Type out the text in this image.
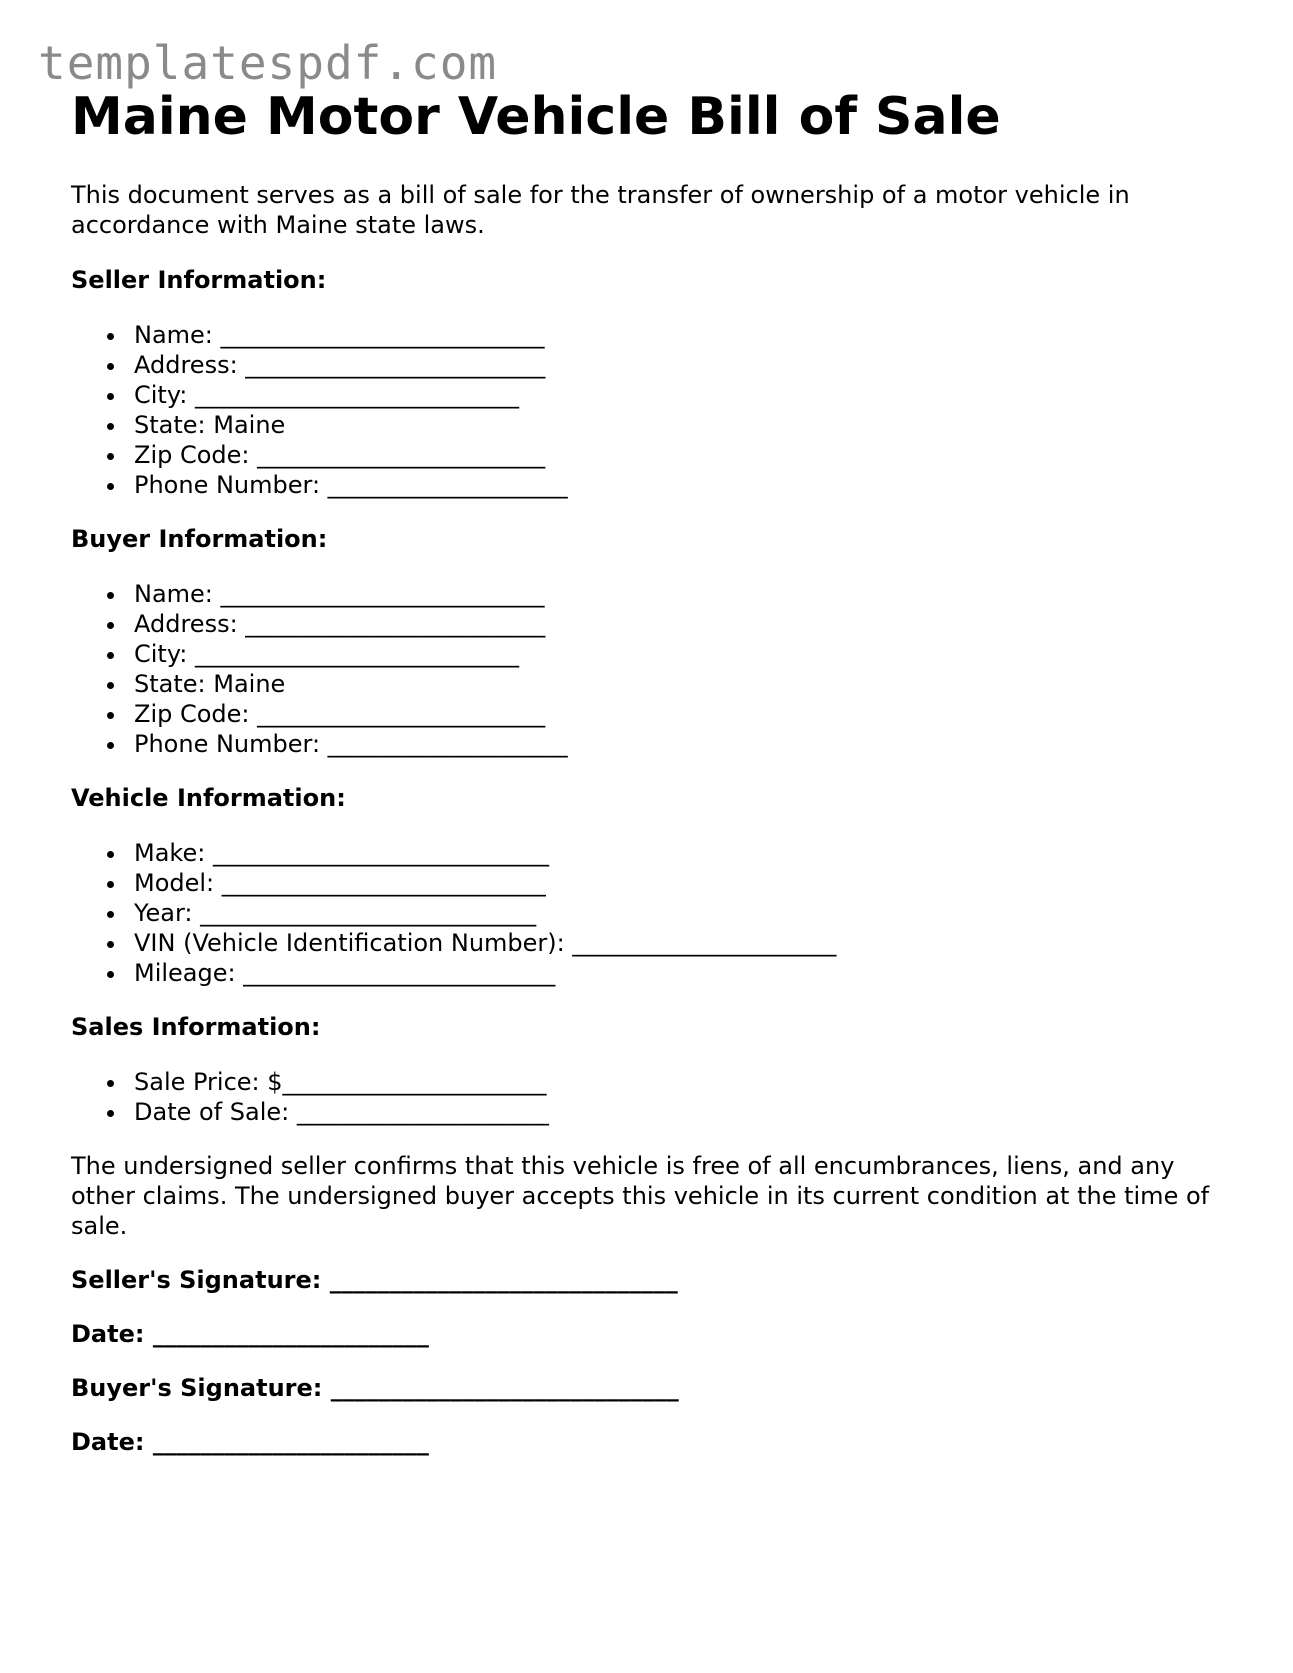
templatespdf.com
Maine Motor Vehicle Bill of Sale

This document serves as a bill of sale for the transfer of ownership of a motor vehicle in accordance with Maine state laws.

Seller Information:
Name: ___________________________
Address: _________________________
City: ___________________________
State: Maine
Zip Code: ________________________
Phone Number: ____________________
Buyer Information:
Name: ___________________________
Address: _________________________
City: ___________________________
State: Maine
Zip Code: ________________________
Phone Number: ____________________
Vehicle Information:
Make: ____________________________
Model: ___________________________
Year: ____________________________
VIN (Vehicle Identification Number): ______________________
Mileage: __________________________
Sales Information:
Sale Price: $______________________
Date of Sale: _____________________

The undersigned seller confirms that this vehicle is free of all encumbrances, liens, and any other claims. The undersigned buyer accepts this vehicle in its current condition at the time of sale.

Seller's Signature: _____________________________
Date: _______________________
Buyer's Signature: _____________________________
Date: _______________________
